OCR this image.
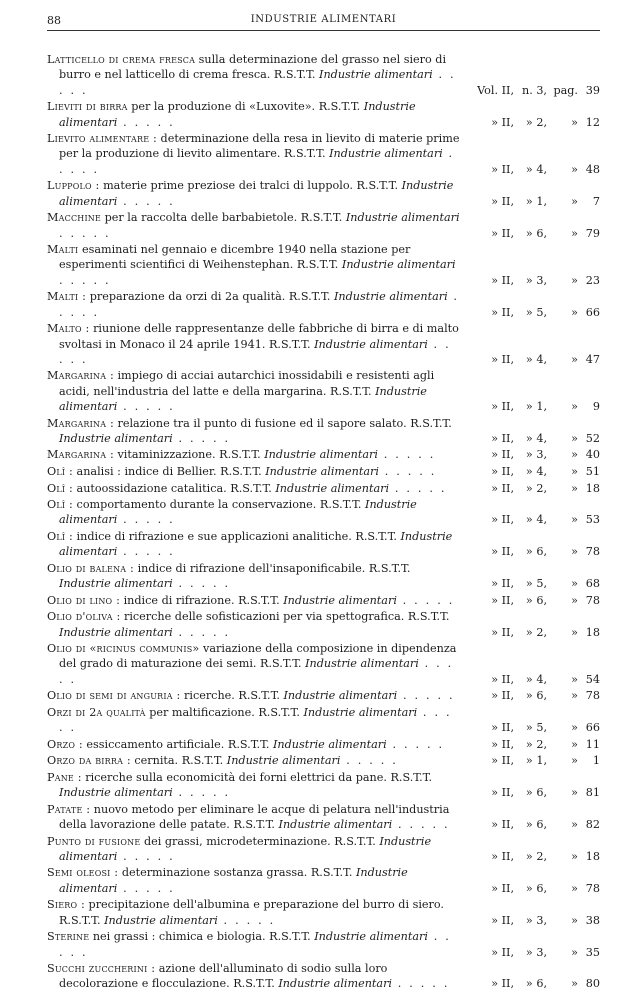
88	INDUSTRIE ALIMENTARI
Latticello di crema fresca sulla determinazione del grasso nel siero di burro e nel latticello di crema fresca. R.S.T.T. Industrie alimentari . . . . .	Vol. II, n. 3, pag. 39
Lieviti di birra per la produzione di «Luxovite». R.S.T.T. Industrie alimentari . . . . .	» II,	» 2,	» 12
Lievito alimentare : determinazione della resa in lievito di materie prime per la produzione di lievito alimentare. R.S.T.T. Industrie alimentari . . . . .	» II,	» 4,	» 48
Luppolo : materie prime preziose dei tralci di luppolo. R.S.T.T. Industrie alimentari . . . . .	» II,	» 1,	»	7
Macchine per la raccolta delle barbabietole. R.S.T.T. Industrie alimentari . . . . .	» II,	» 6,	» 79
Malti esaminati nel gennaio e dicembre 1940 nella stazione per esperimenti scientifici di Weihenstephan. R.S.T.T. Industrie alimentari . . . . .	» II,	» 3,	» 23
Malti : preparazione da orzi di 2a qualità. R.S.T.T. Industrie alimentari . . . . .	» II,	» 5,	» 66
Malto : riunione delle rappresentanze delle fabbriche di birra e di malto svoltasi in Monaco il 24 aprile 1941. R.S.T.T. Industrie alimentari . . . . .	» II,	» 4,	» 47
Margarina : impiego di acciai autarchici inossidabili e resistenti agli acidi, nell'industria del latte e della margarina. R.S.T.T. Industrie alimentari . . . . .	» II,	» 1,	»	9
Margarina : relazione tra il punto di fusione ed il sapore salato. R.S.T.T. Industrie alimentari . . . . .	» II,	» 4,	» 52
Margarina : vitaminizzazione. R.S.T.T. Industrie alimentari . . . . .	» II,	» 3,	» 40
Olî : analisi : indice di Bellier. R.S.T.T. Industrie alimentari . . . . .	» II,	» 4,	» 51
Olî : autoossidazione catalitica. R.S.T.T. Industrie alimentari . . . . .	» II,	» 2,	» 18
Olî : comportamento durante la conservazione. R.S.T.T. Industrie alimentari . . . . .	» II,	» 4,	» 53
Olî : indice di rifrazione e sue applicazioni analitiche. R.S.T.T. Industrie alimentari . . . . .	» II,	» 6,	» 78
Olio di balena : indice di rifrazione dell'insaponificabile. R.S.T.T. Industrie alimentari . . . . .	» II,	» 5,	» 68
Olio di lino : indice di rifrazione. R.S.T.T. Industrie alimentari . . . . .	» II,	» 6,	» 78
Olio d'oliva : ricerche delle sofisticazioni per via spettografica. R.S.T.T. Industrie alimentari . . . . .	» II,	» 2,	» 18
Olio di «ricinus communis» variazione della composizione in dipendenza del grado di maturazione dei semi. R.S.T.T. Industrie alimentari . . . . .	» II,	» 4,	» 54
Olio di semi di anguria : ricerche. R.S.T.T. Industrie alimentari . . . . .	» II,	» 6,	» 78
Orzi di 2a qualità per maltificazione. R.S.T.T. Industrie alimentari . . . . .	» II,	» 5,	» 66
Orzo : essiccamento artificiale. R.S.T.T. Industrie alimentari . . . . .	» II,	» 2,	» 11
Orzo da birra : cernita. R.S.T.T. Industrie alimentari . . . . .	» II,	» 1,	»	1
Pane : ricerche sulla economicità dei forni elettrici da pane. R.S.T.T. Industrie alimentari . . . . .	» II,	» 6,	» 81
Patate : nuovo metodo per eliminare le acque di pelatura nell'industria della lavorazione delle patate. R.S.T.T. Industrie alimentari . . . . .	» II,	» 6,	» 82
Punto di fusione dei grassi, microdeterminazione. R.S.T.T. Industrie alimentari . . . . .	» II,	» 2,	» 18
Semi oleosi : determinazione sostanza grassa. R.S.T.T. Industrie alimentari . . . . .	» II,	» 6,	» 78
Siero : precipitazione dell'albumina e preparazione del burro di siero. R.S.T.T. Industrie alimentari . . . . .	» II,	» 3,	» 38
Sterine nei grassi : chimica e biologia. R.S.T.T. Industrie alimentari . . . . .	» II,	» 3,	» 35
Succhi zuccherini : azione dell'alluminato di sodio sulla loro decolorazione e flocculazione. R.S.T.T. Industrie alimentari . . . . .	» II,	» 6,	» 80
